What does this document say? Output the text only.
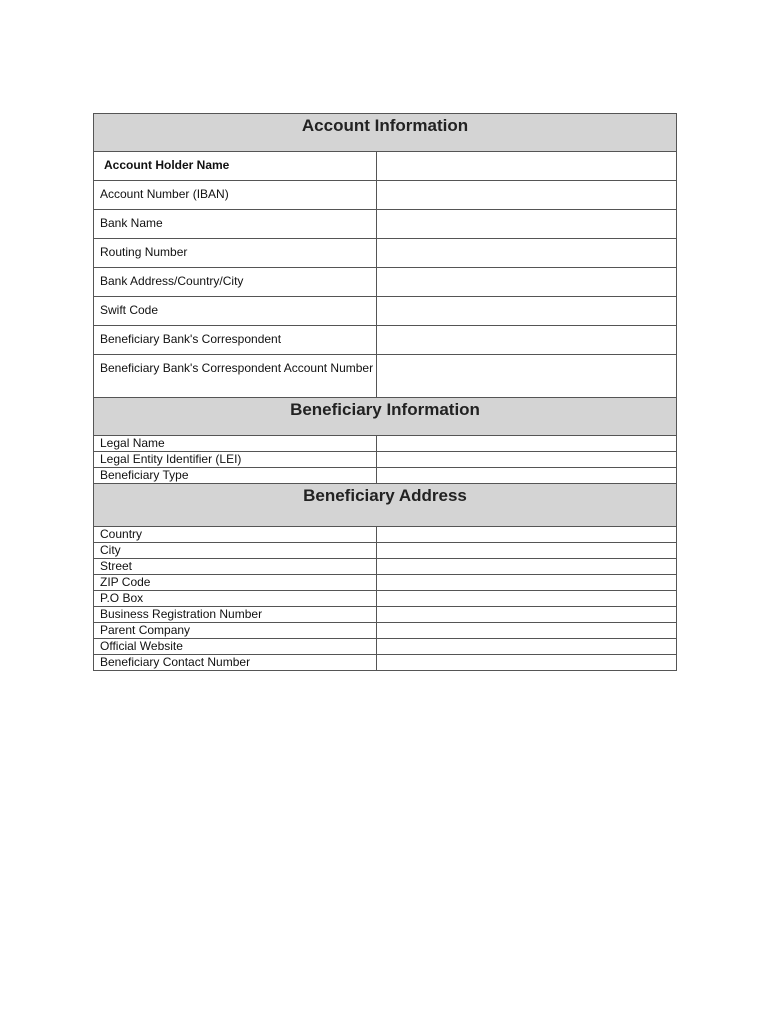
Account Information	
Account Holder Name	
Account Number (IBAN)	
Bank Name	
Routing Number	
Bank Address/Country/City	
Swift Code	
Beneficiary Bank's Correspondent	
Beneficiary Bank's Correspondent Account Number	
Beneficiary Information	
Legal Name	
Legal Entity Identifier (LEI)	
Beneficiary Type	
Beneficiary Address	
Country	
City	
Street	
ZIP Code	
P.O Box	
Business Registration Number	
Parent Company	
Official Website	
Beneficiary Contact Number	
